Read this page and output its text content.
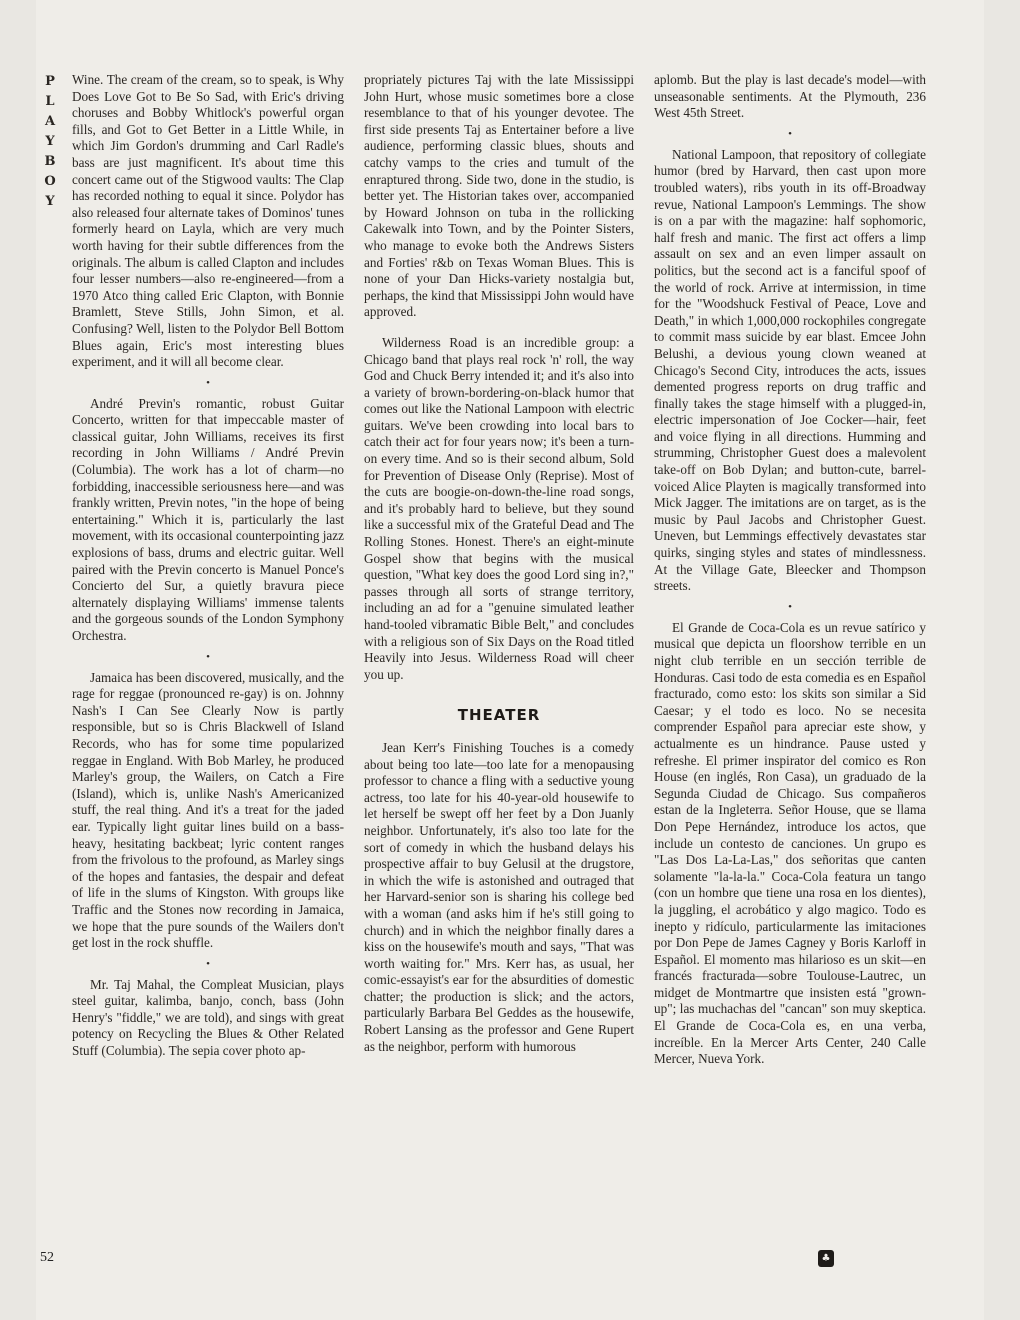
P
L
A
Y
B
O
Y
52

Wine. The cream of the cream, so to speak, is Why Does Love Got to Be So Sad, with Eric's driving choruses and Bobby Whitlock's powerful organ fills, and Got to Get Better in a Little While, in which Jim Gordon's drumming and Carl Radle's bass are just magnificent. It's about time this concert came out of the Stigwood vaults: The Clap has recorded nothing to equal it since. Polydor has also released four alternate takes of Dominos' tunes formerly heard on Layla, which are very much worth having for their subtle differences from the originals. The album is called Clapton and includes four lesser numbers—also re-engineered—from a 1970 Atco thing called Eric Clapton, with Bonnie Bramlett, Steve Stills, John Simon, et al. Confusing? Well, listen to the Polydor Bell Bottom Blues again, Eric's most interesting blues experiment, and it will all become clear.

•

André Previn's romantic, robust Guitar Concerto, written for that impeccable master of classical guitar, John Williams, receives its first recording in John Williams / André Previn (Columbia). The work has a lot of charm—no forbidding, inaccessible seriousness here—and was frankly written, Previn notes, "in the hope of being entertaining." Which it is, particularly the last movement, with its occasional counterpointing jazz explosions of bass, drums and electric guitar. Well paired with the Previn concerto is Manuel Ponce's Concierto del Sur, a quietly bravura piece alternately displaying Williams' immense talents and the gorgeous sounds of the London Symphony Orchestra.

•

Jamaica has been discovered, musically, and the rage for reggae (pronounced re-gay) is on. Johnny Nash's I Can See Clearly Now is partly responsible, but so is Chris Blackwell of Island Records, who has for some time popularized reggae in England. With Bob Marley, he produced Marley's group, the Wailers, on Catch a Fire (Island), which is, unlike Nash's Americanized stuff, the real thing. And it's a treat for the jaded ear. Typically light guitar lines build on a bass-heavy, hesitating backbeat; lyric content ranges from the frivolous to the profound, as Marley sings of the hopes and fantasies, the despair and defeat of life in the slums of Kingston. With groups like Traffic and the Stones now recording in Jamaica, we hope that the pure sounds of the Wailers don't get lost in the rock shuffle.

•

Mr. Taj Mahal, the Compleat Musician, plays steel guitar, kalimba, banjo, conch, bass (John Henry's "fiddle," we are told), and sings with great potency on Recycling the Blues & Other Related Stuff (Columbia). The sepia cover photo ap-

propriately pictures Taj with the late Mississippi John Hurt, whose music sometimes bore a close resemblance to that of his younger devotee. The first side presents Taj as Entertainer before a live audience, performing classic blues, shouts and catchy vamps to the cries and tumult of the enraptured throng. Side two, done in the studio, is better yet. The Historian takes over, accompanied by Howard Johnson on tuba in the rollicking Cakewalk into Town, and by the Pointer Sisters, who manage to evoke both the Andrews Sisters and Forties' r&b on Texas Woman Blues. This is none of your Dan Hicks-variety nostalgia but, perhaps, the kind that Mississippi John would have approved.

Wilderness Road is an incredible group: a Chicago band that plays real rock 'n' roll, the way God and Chuck Berry intended it; and it's also into a variety of brown-bordering-on-black humor that comes out like the National Lampoon with electric guitars. We've been crowding into local bars to catch their act for four years now; it's been a turn-on every time. And so is their second album, Sold for Prevention of Disease Only (Reprise). Most of the cuts are boogie-on-down-the-line road songs, and it's probably hard to believe, but they sound like a successful mix of the Grateful Dead and The Rolling Stones. Honest. There's an eight-minute Gospel show that begins with the musical question, "What key does the good Lord sing in?," passes through all sorts of strange territory, including an ad for a "genuine simulated leather hand-tooled vibramatic Bible Belt," and concludes with a religious son of Six Days on the Road titled Heavily into Jesus. Wilderness Road will cheer you up.

THEATER

Jean Kerr's Finishing Touches is a comedy about being too late—too late for a menopausing professor to chance a fling with a seductive young actress, too late for his 40-year-old housewife to let herself be swept off her feet by a Don Juanly neighbor. Unfortunately, it's also too late for the sort of comedy in which the husband delays his prospective affair to buy Gelusil at the drugstore, in which the wife is astonished and outraged that her Harvard-senior son is sharing his college bed with a woman (and asks him if he's still going to church) and in which the neighbor finally dares a kiss on the housewife's mouth and says, "That was worth waiting for." Mrs. Kerr has, as usual, her comic-essayist's ear for the absurdities of domestic chatter; the production is slick; and the actors, particularly Barbara Bel Geddes as the housewife, Robert Lansing as the professor and Gene Rupert as the neighbor, perform with humorous

aplomb. But the play is last decade's model—with unseasonable sentiments. At the Plymouth, 236 West 45th Street.

•

National Lampoon, that repository of collegiate humor (bred by Harvard, then cast upon more troubled waters), ribs youth in its off-Broadway revue, National Lampoon's Lemmings. The show is on a par with the magazine: half sophomoric, half fresh and manic. The first act offers a limp assault on sex and an even limper assault on politics, but the second act is a fanciful spoof of the world of rock. Arrive at intermission, in time for the "Woodshuck Festival of Peace, Love and Death," in which 1,000,000 rockophiles congregate to commit mass suicide by ear blast. Emcee John Belushi, a devious young clown weaned at Chicago's Second City, introduces the acts, issues demented progress reports on drug traffic and finally takes the stage himself with a plugged-in, electric impersonation of Joe Cocker—hair, feet and voice flying in all directions. Humming and strumming, Christopher Guest does a malevolent take-off on Bob Dylan; and button-cute, barrel-voiced Alice Playten is magically transformed into Mick Jagger. The imitations are on target, as is the music by Paul Jacobs and Christopher Guest. Uneven, but Lemmings effectively devastates star quirks, singing styles and states of mindlessness. At the Village Gate, Bleecker and Thompson streets.

•

El Grande de Coca-Cola es un revue satírico y musical que depicta un floorshow terrible en un night club terrible en un sección terrible de Honduras. Casi todo de esta comedia es en Español fracturado, como esto: los skits son similar a Sid Caesar; y el todo es loco. No se necesita comprender Español para apreciar este show, y actualmente es un hindrance. Pause usted y refreshe. El primer inspirator del comico es Ron House (en inglés, Ron Casa), un graduado de la Segunda Ciudad de Chicago. Sus compañeros estan de la Ingleterra. Señor House, que se llama Don Pepe Hernández, introduce los actos, que include un contesto de canciones. Un grupo es "Las Dos La-La-Las," dos señoritas que canten solamente "la-la-la." Coca-Cola featura un tango (con un hombre que tiene una rosa en los dientes), la juggling, el acrobático y algo magico. Todo es inepto y ridículo, particularmente las imitaciones por Don Pepe de James Cagney y Boris Karloff in Español. El momento mas hilarioso es un skit—en francés fracturada—sobre Toulouse-Lautrec, un midget de Montmartre que insisten está "grown-up"; las muchachas del "cancan" son muy skeptica. El Grande de Coca-Cola es, en una verba, increíble. En la Mercer Arts Center, 240 Calle Mercer, Nueva York.

♣
